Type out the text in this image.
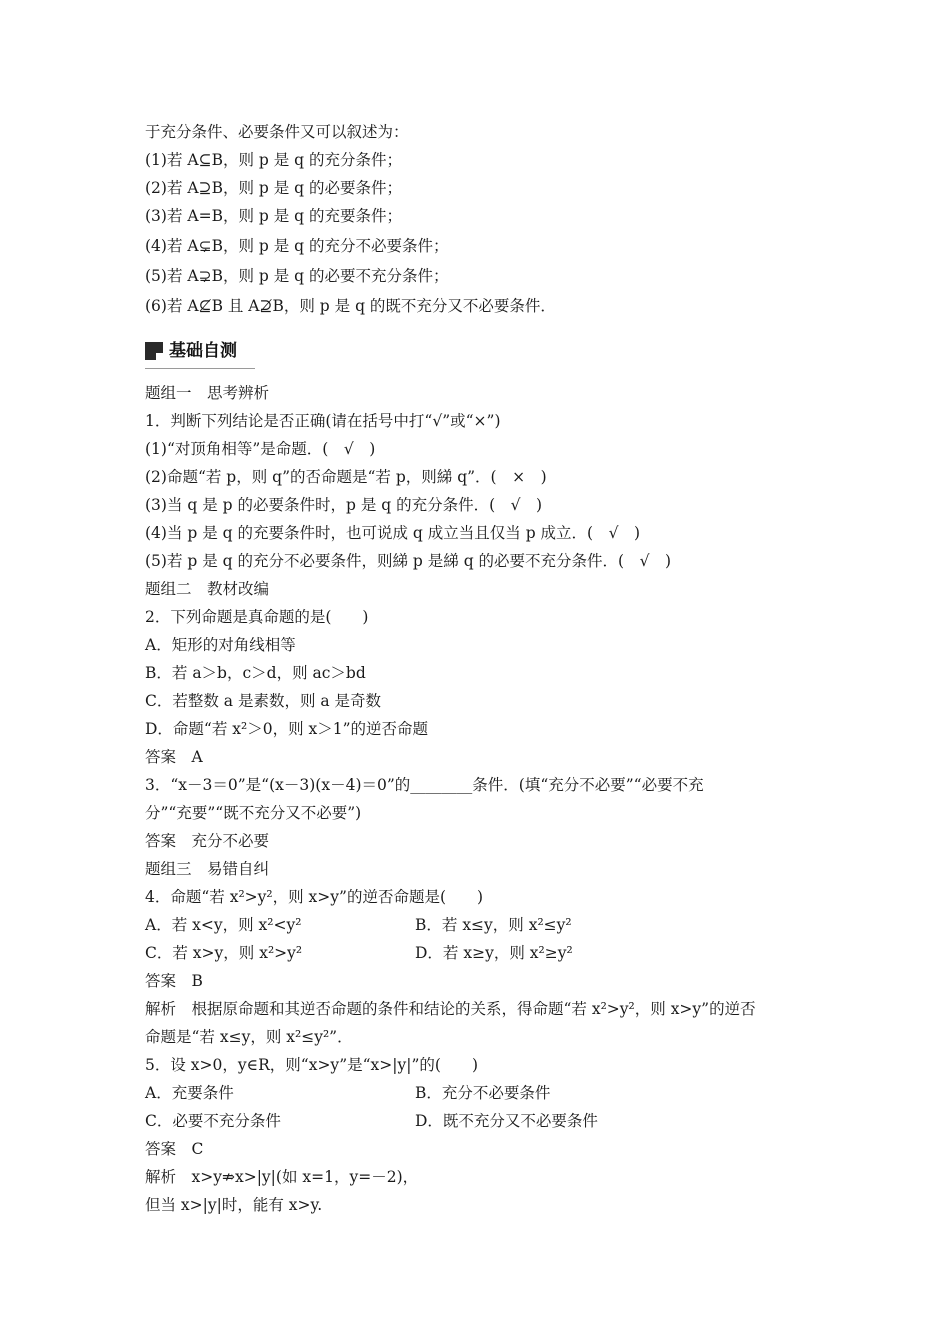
于充分条件、必要条件又可以叙述为：
(1)若 A⊆B，则 p 是 q 的充分条件；
(2)若 A⊇B，则 p 是 q 的必要条件；
(3)若 A=B，则 p 是 q 的充要条件；
(4)若 A⊊B，则 p 是 q 的充分不必要条件；
(5)若 A⊋B，则 p 是 q 的必要不充分条件；
(6)若 A⊈B 且 A⊉B，则 p 是 q 的既不充分又不必要条件．
基础自测
题组一　思考辨析
1．判断下列结论是否正确(请在括号中打“√”或“×”)
(1)“对顶角相等”是命题．(　√　)
(2)命题“若 p，则 q”的否命题是“若 p，则綈 q”．(　×　)
(3)当 q 是 p 的必要条件时，p 是 q 的充分条件．(　√　)
(4)当 p 是 q 的充要条件时，也可说成 q 成立当且仅当 p 成立．(　√　)
(5)若 p 是 q 的充分不必要条件，则綈 p 是綈 q 的必要不充分条件．(　√　)
题组二　教材改编
2．下列命题是真命题的是(　　)
A．矩形的对角线相等
B．若 a＞b，c＞d，则 ac＞bd
C．若整数 a 是素数，则 a 是奇数
D．命题“若 x²＞0，则 x＞1”的逆否命题
答案　A
3．“x－3＝0”是“(x－3)(x－4)＝0”的________条件．(填“充分不必要”“必要不充
分”“充要”“既不充分又不必要”)
答案　充分不必要
题组三　易错自纠
4．命题“若 x²>y²，则 x>y”的逆否命题是(　　)
A．若 x<y，则 x²<y²	B．若 x≤y，则 x²≤y²
C．若 x>y，则 x²>y²	D．若 x≥y，则 x²≥y²
答案　B
解析　根据原命题和其逆否命题的条件和结论的关系，得命题“若 x²>y²，则 x>y”的逆否
命题是“若 x≤y，则 x²≤y²”．
5．设 x>0，y∈R，则“x>y”是“x>|y|”的(　　)
A．充要条件	B．充分不必要条件
C．必要不充分条件	D．既不充分又不必要条件
答案　C
解析　x>y⇏x>|y|(如 x=1，y=－2)，
但当 x>|y|时，能有 x>y.
